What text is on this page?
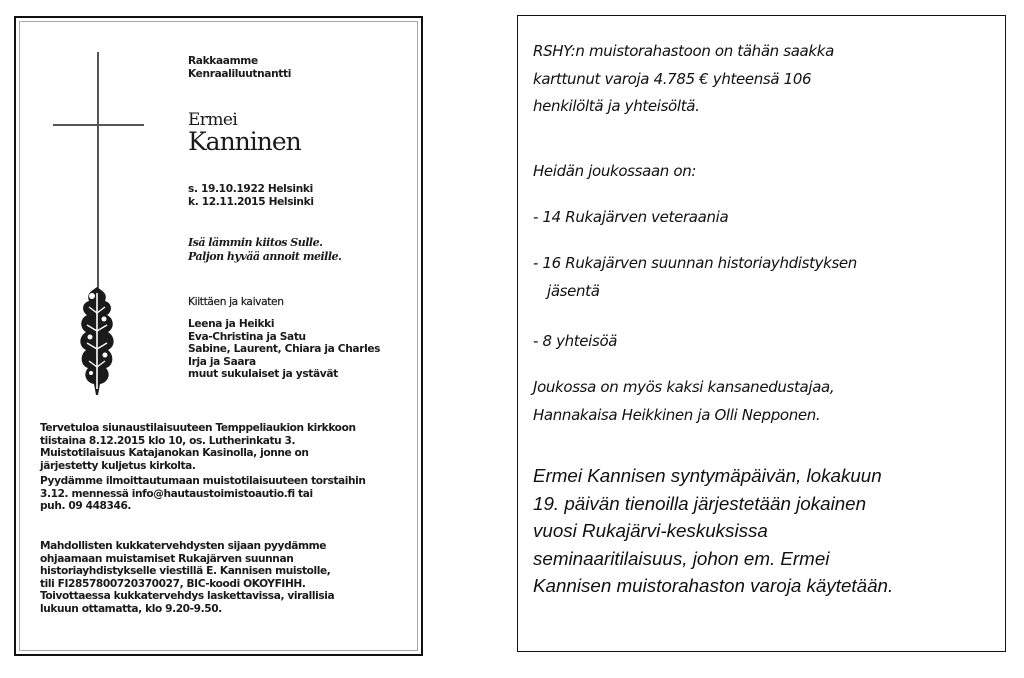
Rakkaamme
Kenraaliluutnantti
Ermei
Kanninen
s. 19.10.1922 Helsinki
k. 12.11.2015 Helsinki
Isä lämmin kiitos Sulle.
Paljon hyvää annoit meille.
Kiittäen ja kaivaten
Leena ja Heikki
Eva-Christina ja Satu
Sabine, Laurent, Chiara ja Charles
Irja ja Saara
muut sukulaiset ja ystävät
Tervetuloa siunaustilaisuuteen Temppeliaukion kirkkoon
tiistaina 8.12.2015 klo 10, os. Lutherinkatu 3.
Muistotilaisuus Katajanokan Kasinolla, jonne on
järjestetty kuljetus kirkolta.
Pyydämme ilmoittautumaan muistotilaisuuteen torstaihin
3.12. mennessä info@hautaustoimistoautio.fi tai
puh. 09 448346.
Mahdollisten kukkatervehdysten sijaan pyydämme
ohjaamaan muistamiset Rukajärven suunnan
historiayhdistykselle viestillä E. Kannisen muistolle,
tili FI2857800720370027, BIC-koodi OKOYFIHH.
Toivottaessa kukkatervehdys laskettavissa, virallisia
lukuun ottamatta, klo 9.20-9.50.
RSHY:n muistorahastoon on tähän saakka
karttunut varoja 4.785 € yhteensä 106
henkilöltä ja yhteisöltä.
Heidän joukossaan on:
- 14 Rukajärven veteraania
- 16 Rukajärven suunnan historiayhdistyksen
jäsentä
- 8 yhteisöä
Joukossa on myös kaksi kansanedustajaa,
Hannakaisa Heikkinen ja Olli Nepponen.
Ermei Kannisen syntymäpäivän, lokakuun
19. päivän tienoilla järjestetään jokainen
vuosi Rukajärvi-keskuksissa
seminaaritilaisuus, johon em. Ermei
Kannisen muistorahaston varoja käytetään.
